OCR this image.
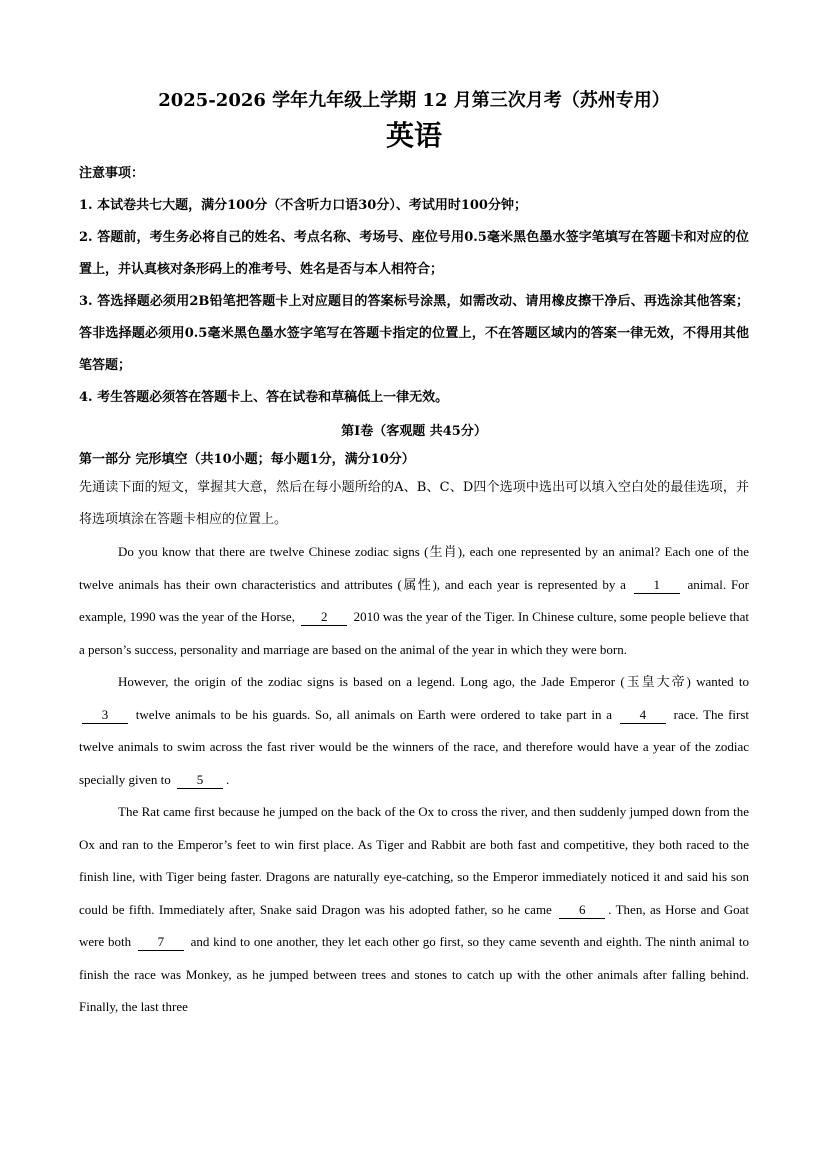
2025-2026 学年九年级上学期 12 月第三次月考（苏州专用）
英语
注意事项：

1. 本试卷共七大题，满分100分（不含听力口语30分）、考试用时100分钟；

2. 答题前，考生务必将自己的姓名、考点名称、考场号、座位号用0.5毫米黑色墨水签字笔填写在答题卡和对应的位置上，并认真核对条形码上的准考号、姓名是否与本人相符合；

3. 答选择题必须用2B铅笔把答题卡上对应题目的答案标号涂黑，如需改动、请用橡皮擦干净后、再选涂其他答案；答非选择题必须用0.5毫米黑色墨水签字笔写在答题卡指定的位置上，不在答题区域内的答案一律无效，不得用其他笔答题；

4. 考生答题必须答在答题卡上、答在试卷和草稿低上一律无效。

第Ⅰ卷（客观题 共45分）
第一部分 完形填空（共10小题；每小题1分，满分10分）

先通读下面的短文，掌握其大意，然后在每小题所给的A、B、C、D四个选项中选出可以填入空白处的最佳选项，并将选项填涂在答题卡相应的位置上。

Do you know that there are twelve Chinese zodiac signs (生肖), each one represented by an animal? Each one of the twelve animals has their own characteristics and attributes (属性), and each year is represented by a 1 animal. For example, 1990 was the year of the Horse, 2 2010 was the year of the Tiger. In Chinese culture, some people believe that a person’s success, personality and marriage are based on the animal of the year in which they were born.

However, the origin of the zodiac signs is based on a legend. Long ago, the Jade Emperor (玉皇大帝) wanted to 3 twelve animals to be his guards. So, all animals on Earth were ordered to take part in a 4 race. The first twelve animals to swim across the fast river would be the winners of the race, and therefore would have a year of the zodiac specially given to 5 .

The Rat came first because he jumped on the back of the Ox to cross the river, and then suddenly jumped down from the Ox and ran to the Emperor’s feet to win first place. As Tiger and Rabbit are both fast and competitive, they both raced to the finish line, with Tiger being faster. Dragons are naturally eye-catching, so the Emperor immediately noticed it and said his son could be fifth. Immediately after, Snake said Dragon was his adopted father, so he came 6 . Then, as Horse and Goat were both 7 and kind to one another, they let each other go first, so they came seventh and eighth. The ninth animal to finish the race was Monkey, as he jumped between trees and stones to catch up with the other animals after falling behind. Finally, the last three
